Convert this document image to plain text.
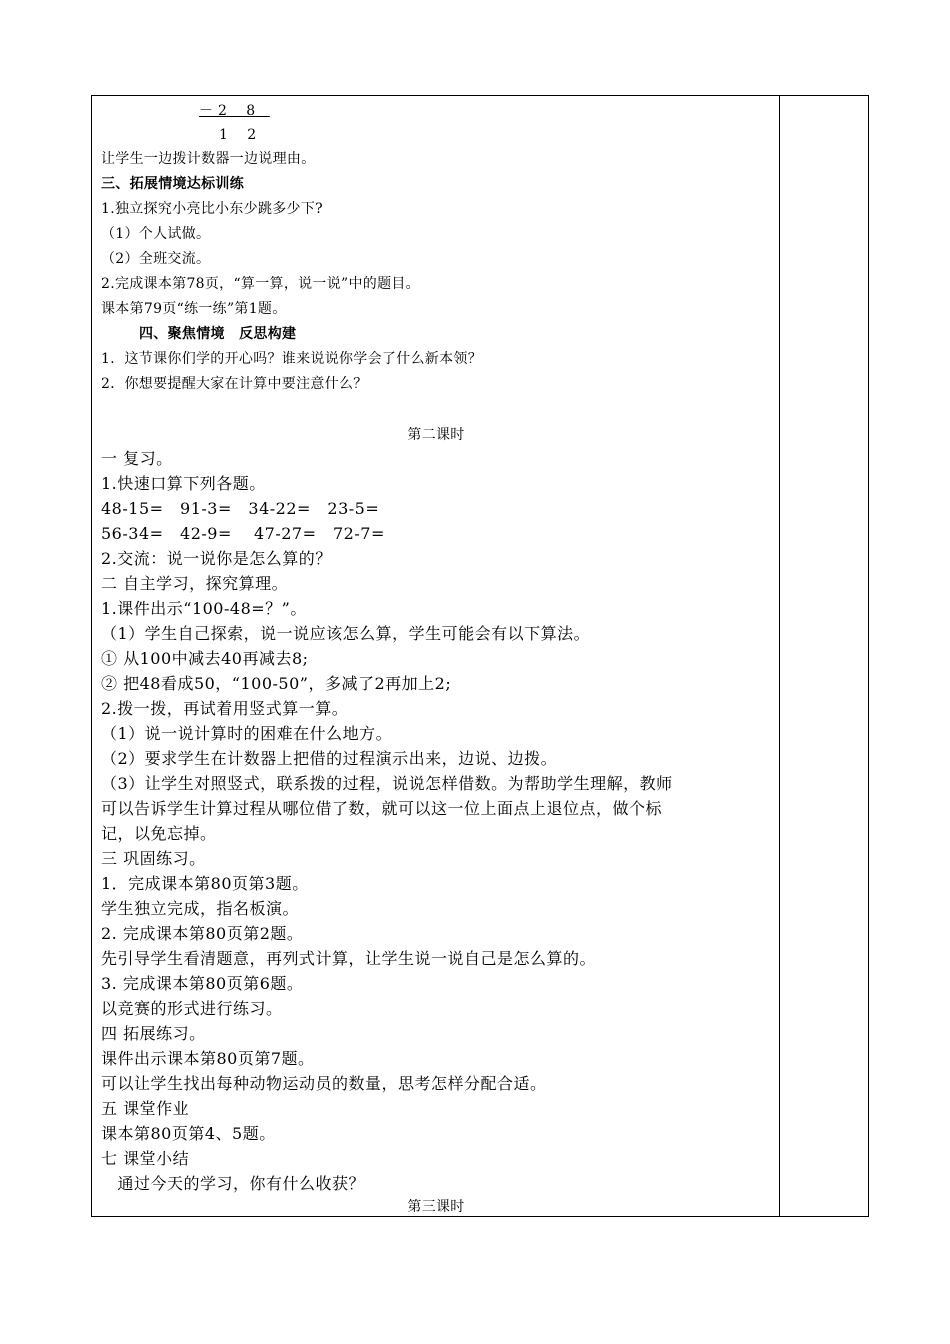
－ 2　 8　
1　 2
让学生一边拨计数器一边说理由。
三、拓展情境达标训练
1.独立探究小亮比小东少跳多少下?
（1）个人试做。
（2）全班交流。
2.完成课本第78页，“算一算，说一说”中的题目。
课本第79页“练一练”第1题。
四、聚焦情境　反思构建
1．这节课你们学的开心吗？谁来说说你学会了什么新本领？
2．你想要提醒大家在计算中要注意什么？
第二课时
一 复习。
1.快速口算下列各题。
48-15=　91-3=　34-22=　23-5=
56-34=　42-9=　 47-27=　72-7=
2.交流：说一说你是怎么算的？
二 自主学习，探究算理。
1.课件出示“100-48=？”。
（1）学生自己探索，说一说应该怎么算，学生可能会有以下算法。
① 从100中减去40再减去8;
② 把48看成50，“100-50”，多减了2再加上2;
2.拨一拨，再试着用竖式算一算。
（1）说一说计算时的困难在什么地方。
（2）要求学生在计数器上把借的过程演示出来，边说、边拨。
（3）让学生对照竖式，联系拨的过程，说说怎样借数。为帮助学生理解，教师
可以告诉学生计算过程从哪位借了数，就可以这一位上面点上退位点，做个标
记，以免忘掉。
三 巩固练习。
1．完成课本第80页第3题。
学生独立完成，指名板演。
2. 完成课本第80页第2题。
先引导学生看清题意，再列式计算，让学生说一说自己是怎么算的。
3. 完成课本第80页第6题。
以竞赛的形式进行练习。
四 拓展练习。
课件出示课本第80页第7题。
可以让学生找出每种动物运动员的数量，思考怎样分配合适。
五 课堂作业
课本第80页第4、5题。
七 课堂小结
　通过今天的学习，你有什么收获？
第三课时
